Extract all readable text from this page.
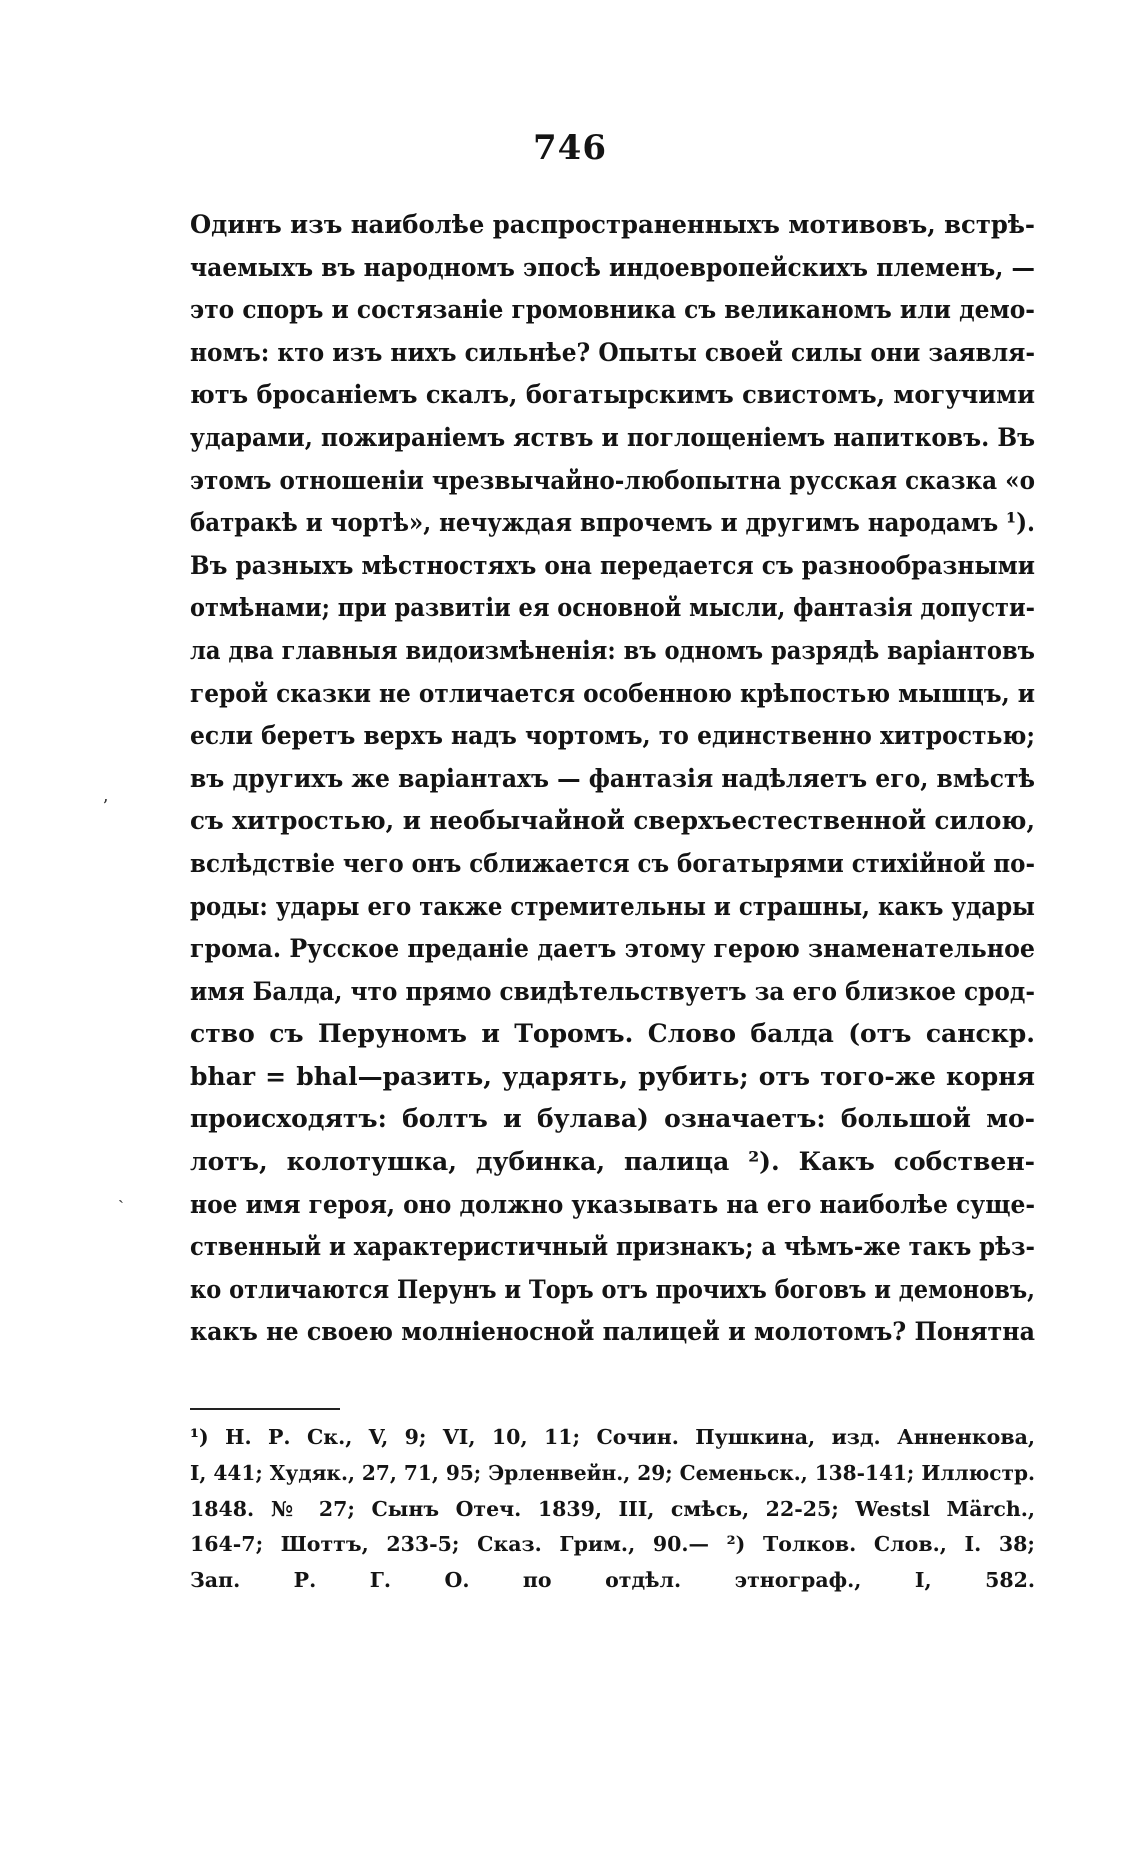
746
Одинъ изъ наиболѣе распространенныхъ мотивовъ, встрѣ-
чаемыхъ въ народномъ эпосѣ индоевропейскихъ племенъ, —
это споръ и состязаніе громовника съ великаномъ или демо-
номъ: кто изъ нихъ сильнѣе? Опыты своей силы они заявля-
ютъ бросаніемъ скалъ, богатырскимъ свистомъ, могучими
ударами, пожираніемъ яствъ и поглощеніемъ напитковъ. Въ
этомъ отношеніи чрезвычайно-любопытна русская сказка «о
батракѣ и чортѣ», нечуждая впрочемъ и другимъ народамъ ¹).
Въ разныхъ мѣстностяхъ она передается съ разнообразными
отмѣнами; при развитіи ея основной мысли, фантазія допусти-
ла два главныя видоизмѣненія: въ одномъ разрядѣ варіантовъ
герой сказки не отличается особенною крѣпостью мышцъ, и
если беретъ верхъ надъ чортомъ, то единственно хитростью;
въ другихъ же варіантахъ — фантазія надѣляетъ его, вмѣстѣ
съ хитростью, и необычайной сверхъестественной силою,
вслѣдствіе чего онъ сближается съ богатырями стихійной по-
роды: удары его также стремительны и страшны, какъ удары
грома. Русское преданіе даетъ этому герою знаменательное
имя Балда, что прямо свидѣтельствуетъ за его близкое срод-
ство съ Перуномъ и Торомъ. Слово балда (отъ санскр.
bhar = bhal—разить, ударять, рубить; отъ того-же корня
происходятъ: болтъ и булава) означаетъ: большой мо-
лотъ, колотушка, дубинка, палица ²). Какъ собствен-
ное имя героя, оно должно указывать на его наиболѣе суще-
ственный и характеристичный признакъ; а чѣмъ-же такъ рѣз-
ко отличаются Перунъ и Торъ отъ прочихъ боговъ и демоновъ,
какъ не своею молніеносной палицей и молотомъ? Понятна
¹) Н. Р. Ск., V, 9; VI, 10, 11; Сочин. Пушкина, изд. Анненкова,
I, 441; Худяк., 27, 71, 95; Эрленвейн., 29; Семеньск., 138-141; Иллюстр.
1848. № 27; Сынъ Отеч. 1839, III, смѣсь, 22-25; Westsl Märch.,
164-7; Шоттъ, 233-5; Сказ. Грим., 90.— ²) Толков. Слов., I. 38;
Зап. Р. Г. О. по отдѣл. этнограф., I, 582.
ʼ
ˎ
